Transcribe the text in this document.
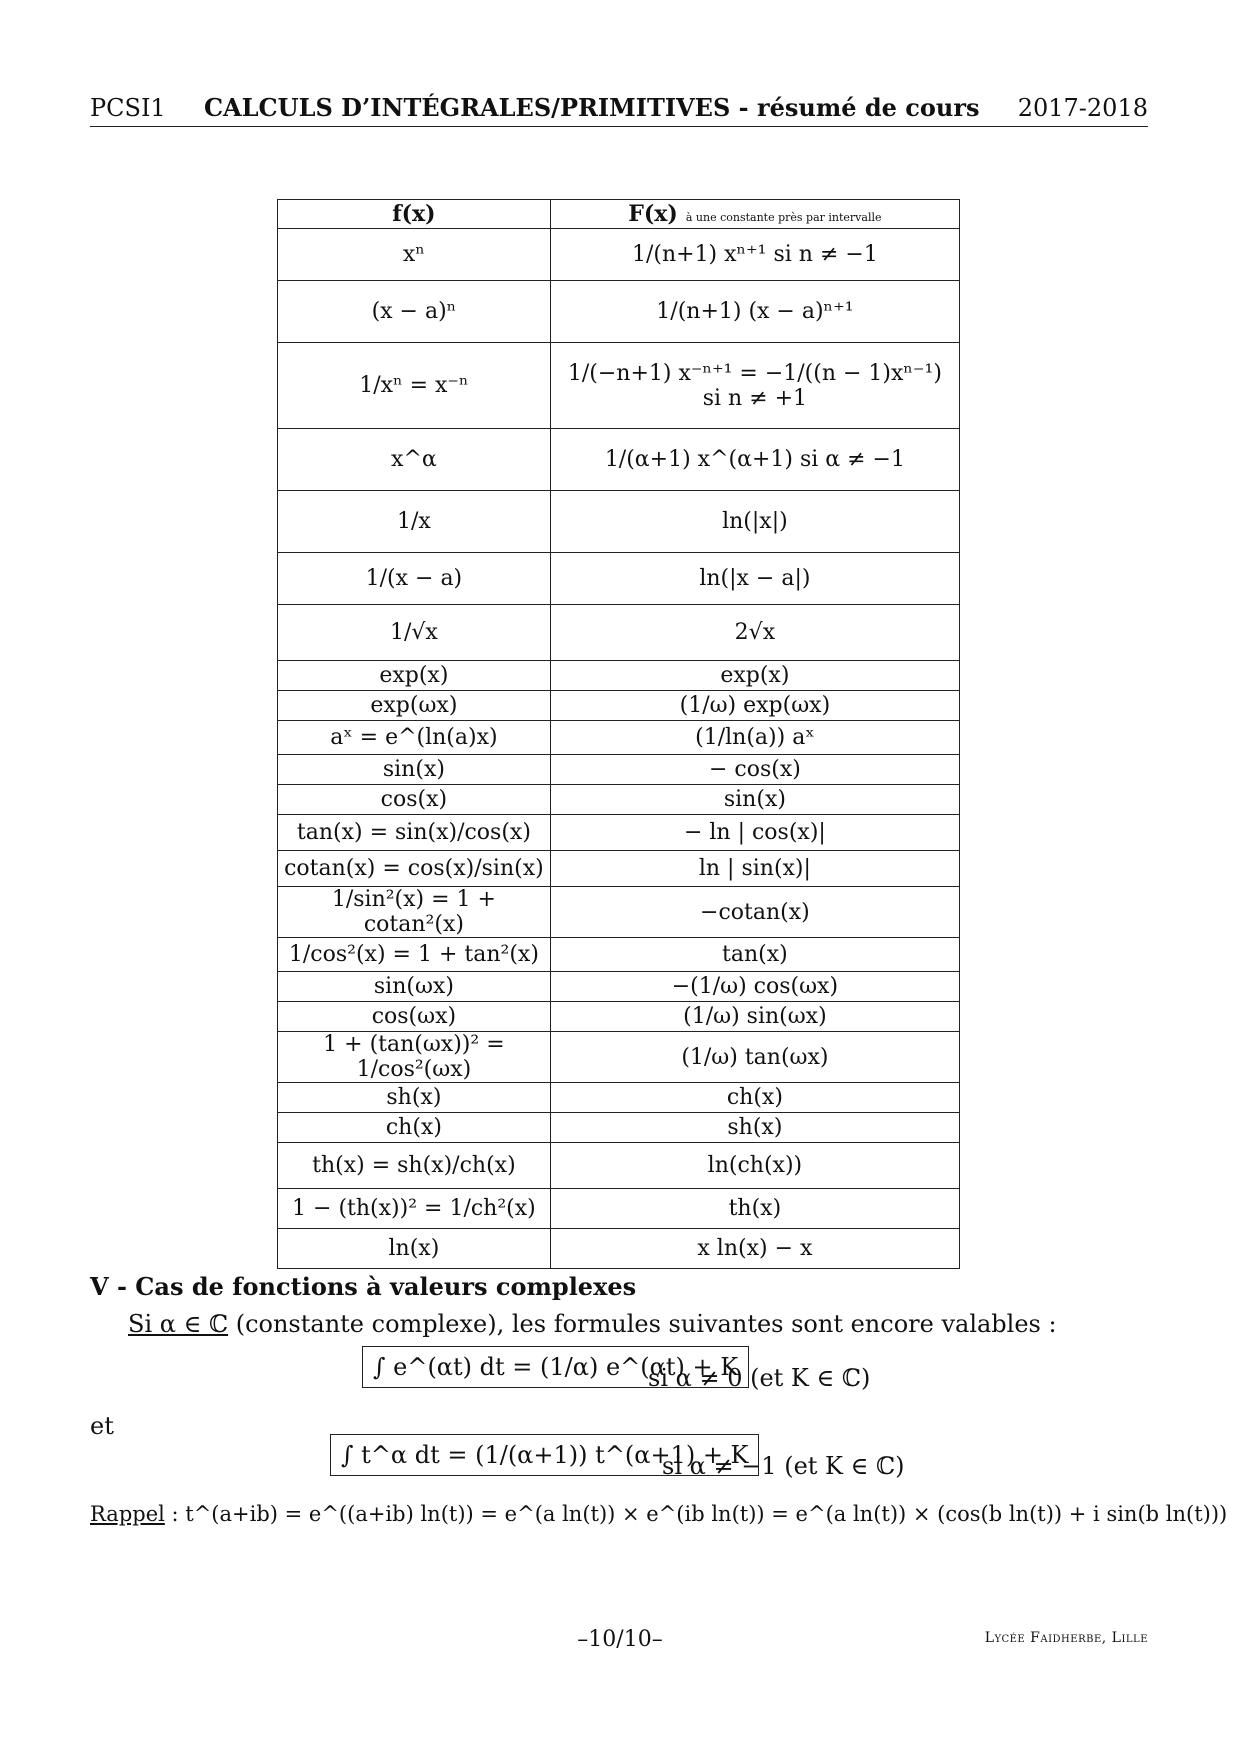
PCSI1 CALCULS D’INTÉGRALES/PRIMITIVES - résumé de cours 2017-2018
f(x)	F(x) à une constante près par intervalle
xⁿ	1/(n+1) xⁿ⁺¹ si n ≠ −1
(x − a)ⁿ	1/(n+1) (x − a)ⁿ⁺¹
1/xⁿ = x⁻ⁿ	1/(−n+1) x⁻ⁿ⁺¹ = −1/((n − 1)xⁿ⁻¹) si n ≠ +1
x^α	1/(α+1) x^(α+1) si α ≠ −1
1/x	ln(|x|)
1/(x − a)	ln(|x − a|)
1/√x	2√x
exp(x)	exp(x)
exp(ωx)	(1/ω) exp(ωx)
aˣ = e^(ln(a)x)	(1/ln(a)) aˣ
sin(x)	− cos(x)
cos(x)	sin(x)
tan(x) = sin(x)/cos(x)	− ln | cos(x)|
cotan(x) = cos(x)/sin(x)	ln | sin(x)|
1/sin²(x) = 1 + cotan²(x)	−cotan(x)
1/cos²(x) = 1 + tan²(x)	tan(x)
sin(ωx)	−(1/ω) cos(ωx)
cos(ωx)	(1/ω) sin(ωx)
1 + (tan(ωx))² = 1/cos²(ωx)	(1/ω) tan(ωx)
sh(x)	ch(x)
ch(x)	sh(x)
th(x) = sh(x)/ch(x)	ln(ch(x))
1 − (th(x))² = 1/ch²(x)	th(x)
ln(x)	x ln(x) − x
V - Cas de fonctions à valeurs complexes
Si α ∈ ℂ (constante complexe), les formules suivantes sont encore valables :
∫ e^(αt) dt = (1/α) e^(αt) + K
si α ≠ 0 (et K ∈ ℂ)
et
∫ t^α dt = (1/(α+1)) t^(α+1) + K
si α ≠ −1 (et K ∈ ℂ)
Rappel : t^(a+ib) = e^((a+ib) ln(t)) = e^(a ln(t)) × e^(ib ln(t)) = e^(a ln(t)) × (cos(b ln(t)) + i sin(b ln(t)))
–10/10–	Lycée Faidherbe, Lille
